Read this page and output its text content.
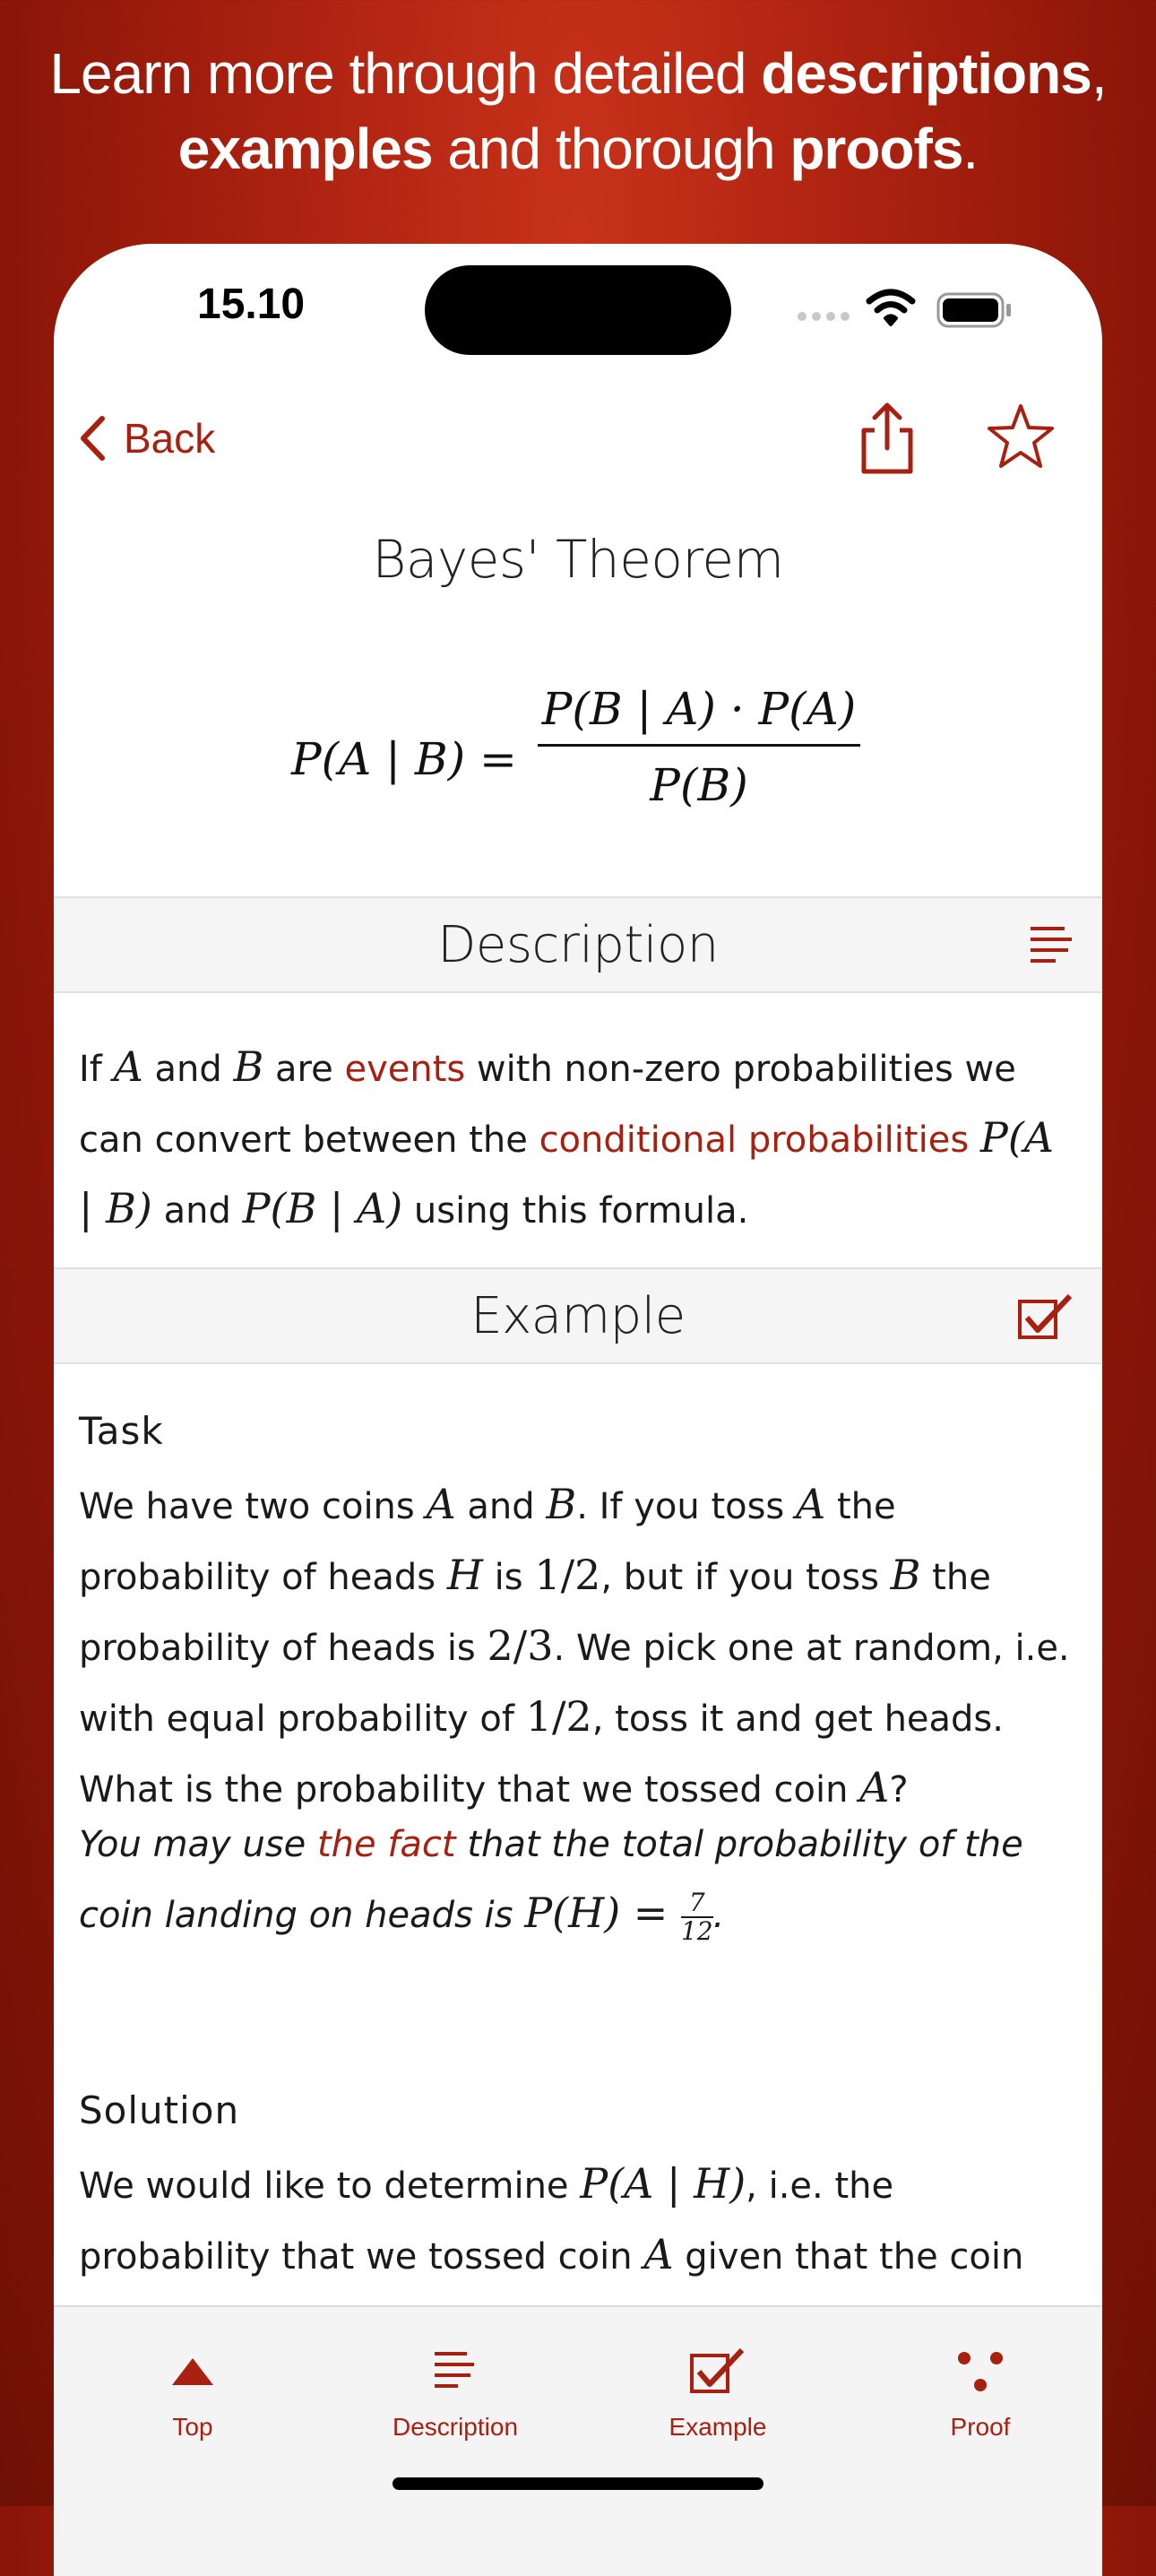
Learn more through detailed descriptions,
examples and thorough proofs.
15.10
Back
Bayes' Theorem
P(A | B) =
P(B | A) · P(A)
P(B)
Description
If A and B are events with non-zero probabilities we can convert between the conditional probabilities P(A | B) and P(B | A) using this formula.
Example
Task
We have two coins A and B. If you toss A the probability of heads H is 1/2, but if you toss B the probability of heads is 2/3. We pick one at random, i.e. with equal probability of 1/2, toss it and get heads. What is the probability that we tossed coin A?
You may use the fact that the total probability of the coin landing on heads is $P(H) = \frac{7}{12}$ .
Solution
We would like to determine P(A | H), i.e. the probability that we tossed coin A given that the coin
Top	Description	Example	Proof
